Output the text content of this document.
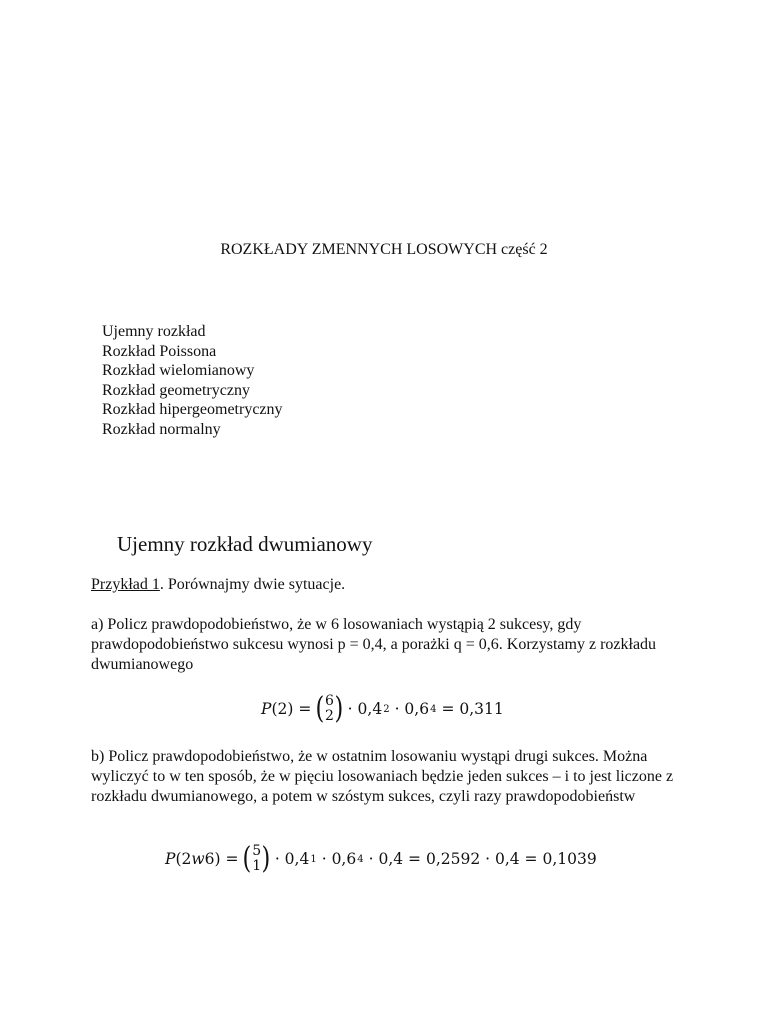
ROZKŁADY ZMENNYCH LOSOWYCH część 2
Ujemny rozkład
Rozkład Poissona
Rozkład wielomianowy
Rozkład geometryczny
Rozkład hipergeometryczny
Rozkład normalny
Ujemny rozkład dwumianowy
Przykład 1. Porównajmy dwie sytuacje.
a) Policz prawdopodobieństwo, że w 6 losowaniach wystąpią 2 sukcesy, gdy prawdopodobieństwo sukcesu wynosi p = 0,4, a porażki q = 0,6. Korzystamy z rozkładu dwumianowego
P (2) = ( 6
2 ) · 0,4 2 · 0,6 4 = 0,311
b) Policz prawdopodobieństwo, że w ostatnim losowaniu wystąpi drugi sukces. Można wyliczyć to w ten sposób, że w pięciu losowaniach będzie jeden sukces – i to jest liczone z rozkładu dwumianowego, a potem w szóstym sukces, czyli razy prawdopodobieństw
P (2 w 6) = ( 5
1 ) · 0,4 1 · 0,6 4 · 0,4 = 0,2592 · 0,4 = 0,1039
